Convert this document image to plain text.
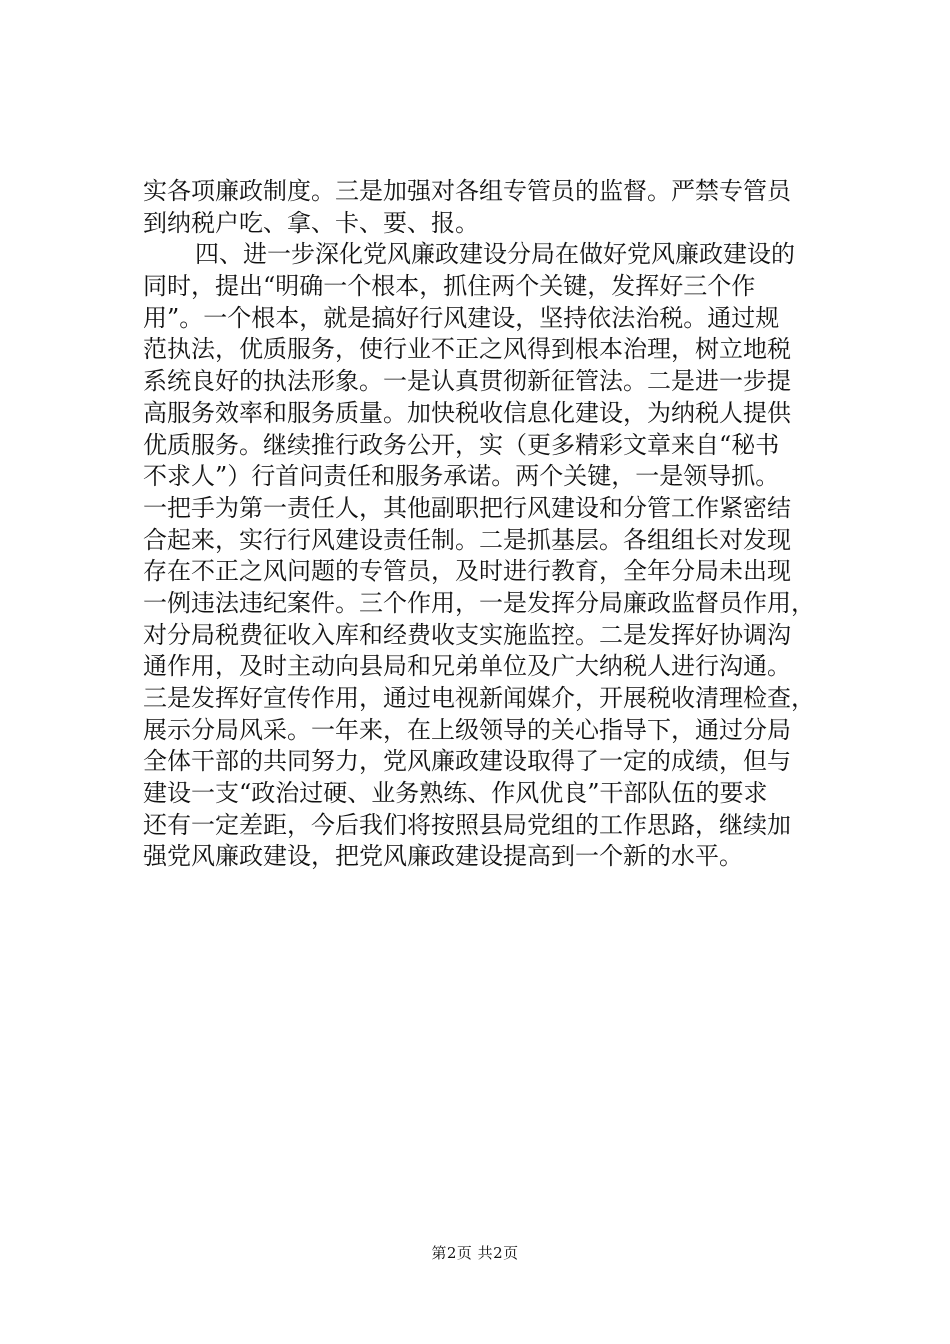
实各项廉政制度。三是加强对各组专管员的监督。严禁专管员
到纳税户吃、拿、卡、要、报。
四、进一步深化党风廉政建设分局在做好党风廉政建设的
同时，提出“明确一个根本，抓住两个关键，发挥好三个作
用”。一个根本，就是搞好行风建设，坚持依法治税。通过规
范执法，优质服务，使行业不正之风得到根本治理，树立地税
系统良好的执法形象。一是认真贯彻新征管法。二是进一步提
高服务效率和服务质量。加快税收信息化建设，为纳税人提供
优质服务。继续推行政务公开，实（更多精彩文章来自“秘书
不求人”）行首问责任和服务承诺。两个关键，一是领导抓。
一把手为第一责任人，其他副职把行风建设和分管工作紧密结
合起来，实行行风建设责任制。二是抓基层。各组组长对发现
存在不正之风问题的专管员，及时进行教育，全年分局未出现
一例违法违纪案件。三个作用，一是发挥分局廉政监督员作用，
对分局税费征收入库和经费收支实施监控。二是发挥好协调沟
通作用，及时主动向县局和兄弟单位及广大纳税人进行沟通。
三是发挥好宣传作用，通过电视新闻媒介，开展税收清理检查，
展示分局风采。一年来，在上级领导的关心指导下，通过分局
全体干部的共同努力，党风廉政建设取得了一定的成绩，但与
建设一支“政治过硬、业务熟练、作风优良”干部队伍的要求
还有一定差距，今后我们将按照县局党组的工作思路，继续加
强党风廉政建设，把党风廉政建设提高到一个新的水平。
第2页 共2页
